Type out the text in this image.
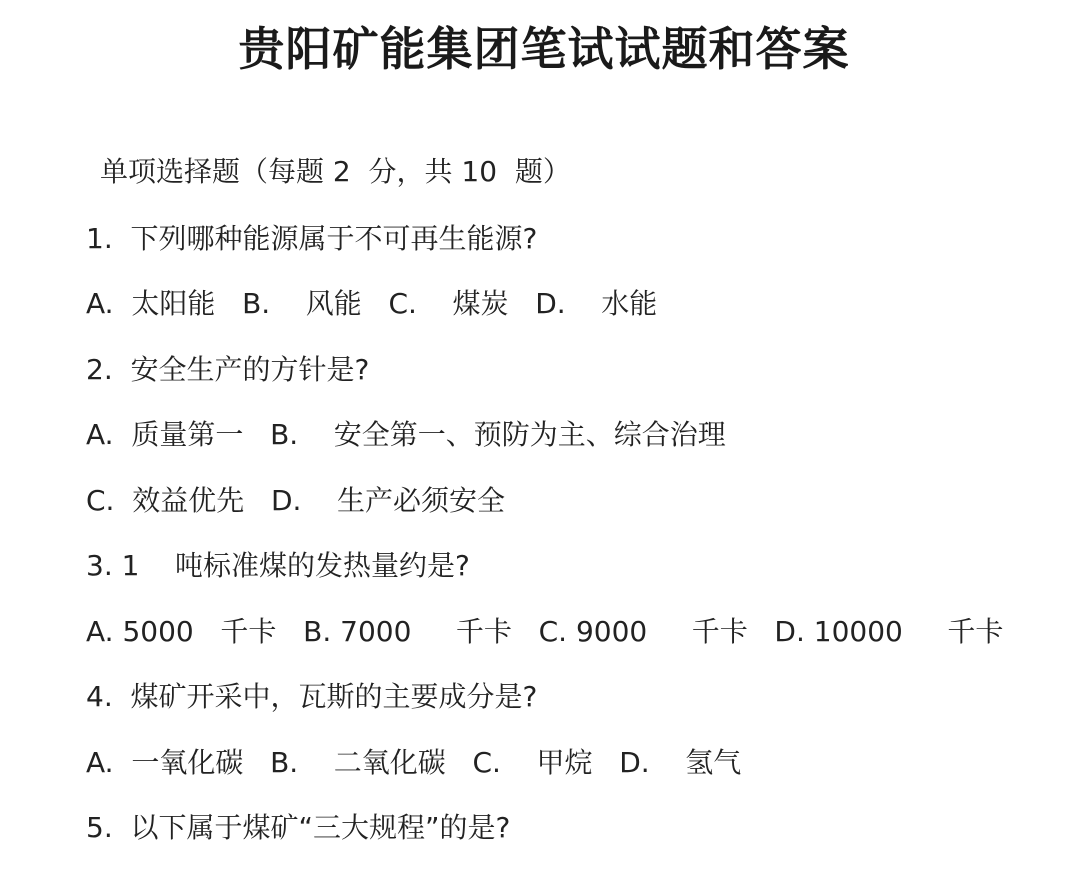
贵阳矿能集团笔试试题和答案
单项选择题（每题 2  分，共 10  题）
1.  下列哪种能源属于不可再生能源?
A.  太阳能   B.    风能   C.    煤炭   D.    水能
2.  安全生产的方针是?
A.  质量第一   B.    安全第一、预防为主、综合治理
C.  效益优先   D.    生产必须安全
3. 1    吨标准煤的发热量约是?
A. 5000   千卡   B. 7000     千卡   C. 9000     千卡   D. 10000     千卡
4.  煤矿开采中，瓦斯的主要成分是?
A.  一氧化碳   B.    二氧化碳   C.    甲烷   D.    氢气
5.  以下属于煤矿“三大规程”的是?
